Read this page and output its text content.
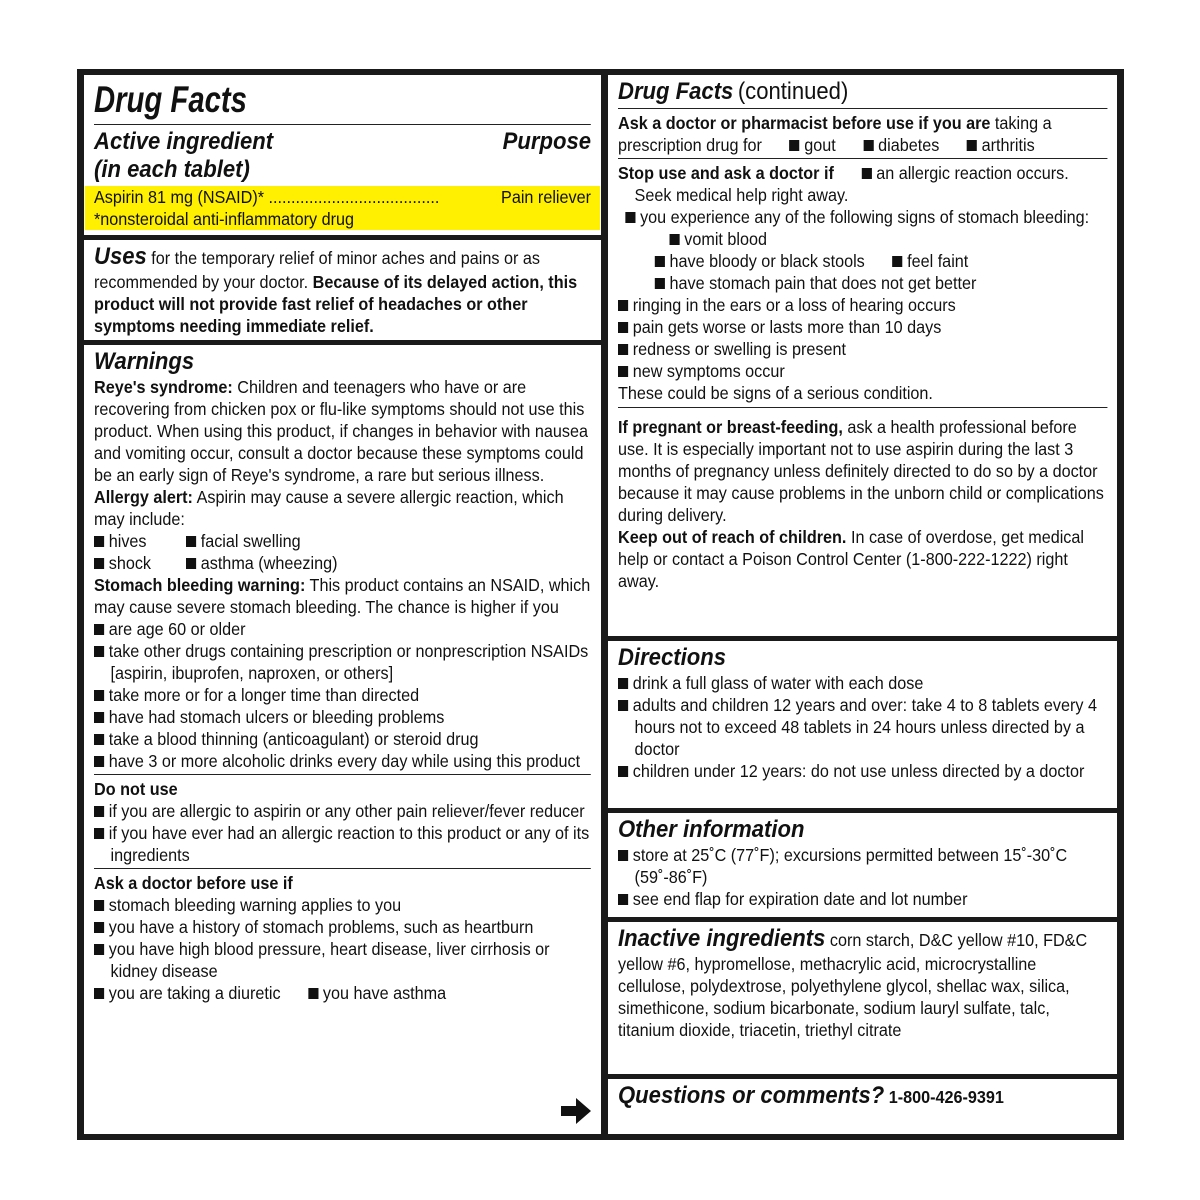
Drug Facts
Active ingredient	Purpose
(in each tablet)
Aspirin 81 mg (NSAID)* ......................................	Pain reliever
*nonsteroidal anti-inflammatory drug
Uses for the temporary relief of minor aches and pains or as recommended by your doctor. Because of its delayed action, this product will not provide fast relief of headaches or other symptoms needing immediate relief.
Warnings
Reye's syndrome: Children and teenagers who have or are recovering from chicken pox or flu-like symptoms should not use this product. When using this product, if changes in behavior with nausea and vomiting occur, consult a doctor because these symptoms could be an early sign of Reye's syndrome, a rare but serious illness.
Allergy alert: Aspirin may cause a severe allergic reaction, which may include:
hives	facial swelling
shock	asthma (wheezing)
Stomach bleeding warning: This product contains an NSAID, which may cause severe stomach bleeding. The chance is higher if youare age 60 or older
take other drugs containing prescription or nonprescription NSAIDs [aspirin, ibuprofen, naproxen, or others]
take more or for a longer time than directed
have had stomach ulcers or bleeding problems
take a blood thinning (anticoagulant) or steroid drug
have 3 or more alcoholic drinks every day while using this product
Do not use
if you are allergic to aspirin or any other pain reliever/fever reducer
if you have ever had an allergic reaction to this product or any of its ingredients
Ask a doctor before use if
stomach bleeding warning applies to you
you have a history of stomach problems, such as heartburn
you have high blood pressure, heart disease, liver cirrhosis or kidney disease
you are taking a diuretic you have asthma
Drug Facts (continued)
Ask a doctor or pharmacist before use if you are taking a prescription drug for gout diabetes arthritis
Stop use and ask a doctor if an allergic reaction occurs. Seek medical help right away.
you experience any of the following signs of stomach bleeding:vomit blood
have bloody or black stools feel faint
have stomach pain that does not get better
ringing in the ears or a loss of hearing occurs
pain gets worse or lasts more than 10 days
redness or swelling is present
new symptoms occur
These could be signs of a serious condition.
If pregnant or breast-feeding, ask a health professional before use. It is especially important not to use aspirin during the last 3 months of pregnancy unless definitely directed to do so by a doctor because it may cause problems in the unborn child or complications during delivery.
Keep out of reach of children. In case of overdose, get medical help or contact a Poison Control Center (1-800-222-1222) right away.
Directions
drink a full glass of water with each dose
adults and children 12 years and over: take 4 to 8 tablets every 4 hours not to exceed 48 tablets in 24 hours unless directed by a doctor
children under 12 years: do not use unless directed by a doctor
Other information
store at 25˚C (77˚F); excursions permitted between 15˚-30˚C (59˚-86˚F)
see end flap for expiration date and lot number
Inactive ingredients corn starch, D&C yellow #10, FD&C yellow #6, hypromellose, methacrylic acid, microcrystalline cellulose, polydextrose, polyethylene glycol, shellac wax, silica, simethicone, sodium bicarbonate, sodium lauryl sulfate, talc, titanium dioxide, triacetin, triethyl citrate
Questions or comments? 1-800-426-9391
